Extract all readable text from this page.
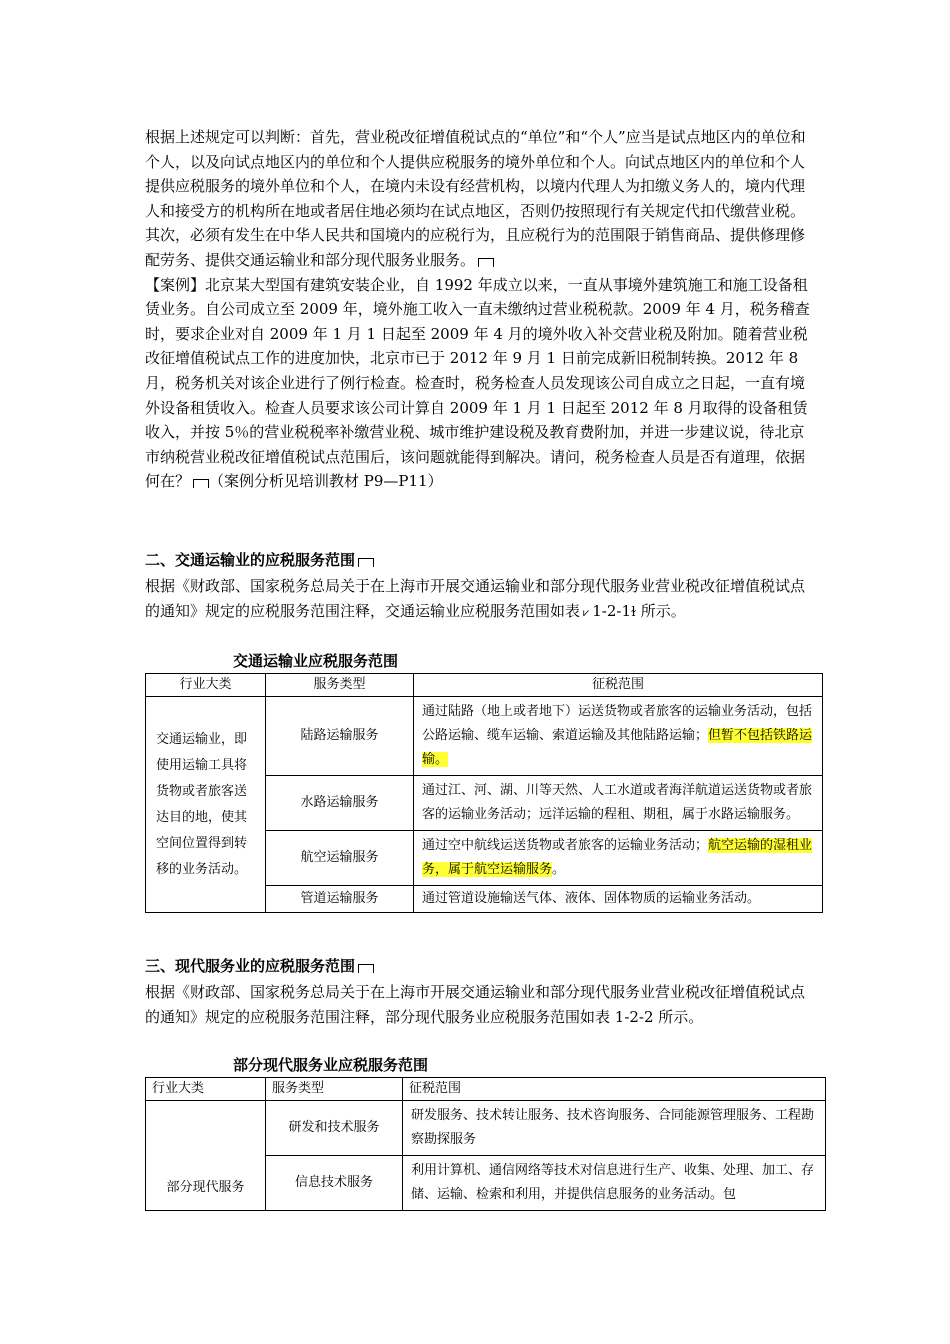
根据上述规定可以判断：首先，营业税改征增值税试点的“单位”和“个人”应当是试点地区内的单位和个人，以及向试点地区内的单位和个人提供应税服务的境外单位和个人。向试点地区内的单位和个人提供应税服务的境外单位和个人，在境内未设有经营机构，以境内代理人为扣缴义务人的，境内代理人和接受方的机构所在地或者居住地必须均在试点地区，否则仍按照现行有关规定代扣代缴营业税。

其次，必须有发生在中华人民共和国境内的应税行为，且应税行为的范围限于销售商品、提供修理修配劳务、提供交通运输业和部分现代服务业服务。

【案例】北京某大型国有建筑安装企业，自 1992 年成立以来，一直从事境外建筑施工和施工设备租赁业务。自公司成立至 2009 年，境外施工收入一直未缴纳过营业税税款。2009 年 4 月，税务稽查时，要求企业对自 2009 年 1 月 1 日起至 2009 年 4 月的境外收入补交营业税及附加。随着营业税改征增值税试点工作的进度加快，北京市已于 2012 年 9 月 1 日前完成新旧税制转换。2012 年 8 月，税务机关对该企业进行了例行检查。检查时，税务检查人员发现该公司自成立之日起，一直有境外设备租赁收入。检查人员要求该公司计算自 2009 年 1 月 1 日起至 2012 年 8 月取得的设备租赁收入，并按 5％的营业税税率补缴营业税、城市维护建设税及教育费附加，并进一步建议说，待北京市纳税营业税改征增值税试点范围后，该问题就能得到解决。请问，税务检查人员是否有道理，依据何在？ （案例分析见培训教材 P9—P11）

二、交通运输业的应税服务范围

根据《财政部、国家税务总局关于在上海市开展交通运输业和部分现代服务业营业税改征增值税试点的通知》规定的应税服务范围注释，交通运输业应税服务范围如表 ⩗ 1-2-1ɫ 所示。

交通运输业应税服务范围
行业大类	服务类型	征税范围
交通运输业，即使用运输工具将货物或者旅客送达目的地，使其空间位置得到转移的业务活动。	陆路运输服务	通过陆路（地上或者地下）运送货物或者旅客的运输业务活动，包括公路运输、缆车运输、索道运输及其他陆路运输；但暂不包括铁路运输。
	水路运输服务	通过江、河、湖、川等天然、人工水道或者海洋航道运送货物或者旅客的运输业务活动；远洋运输的程租、期租，属于水路运输服务。
	航空运输服务	通过空中航线运送货物或者旅客的运输业务活动；航空运输的湿租业务，属于航空运输服务。
	管道运输服务	通过管道设施输送气体、液体、固体物质的运输业务活动。
三、现代服务业的应税服务范围

根据《财政部、国家税务总局关于在上海市开展交通运输业和部分现代服务业营业税改征增值税试点的通知》规定的应税服务范围注释，部分现代服务业应税服务范围如表 1-2-2 所示。

部分现代服务业应税服务范围
行业大类	服务类型	征税范围
部分现代服务	研发和技术服务	研发服务、技术转让服务、技术咨询服务、合同能源管理服务、工程勘察勘探服务
	信息技术服务	利用计算机、通信网络等技术对信息进行生产、收集、处理、加工、存储、运输、检索和利用，并提供信息服务的业务活动。包
